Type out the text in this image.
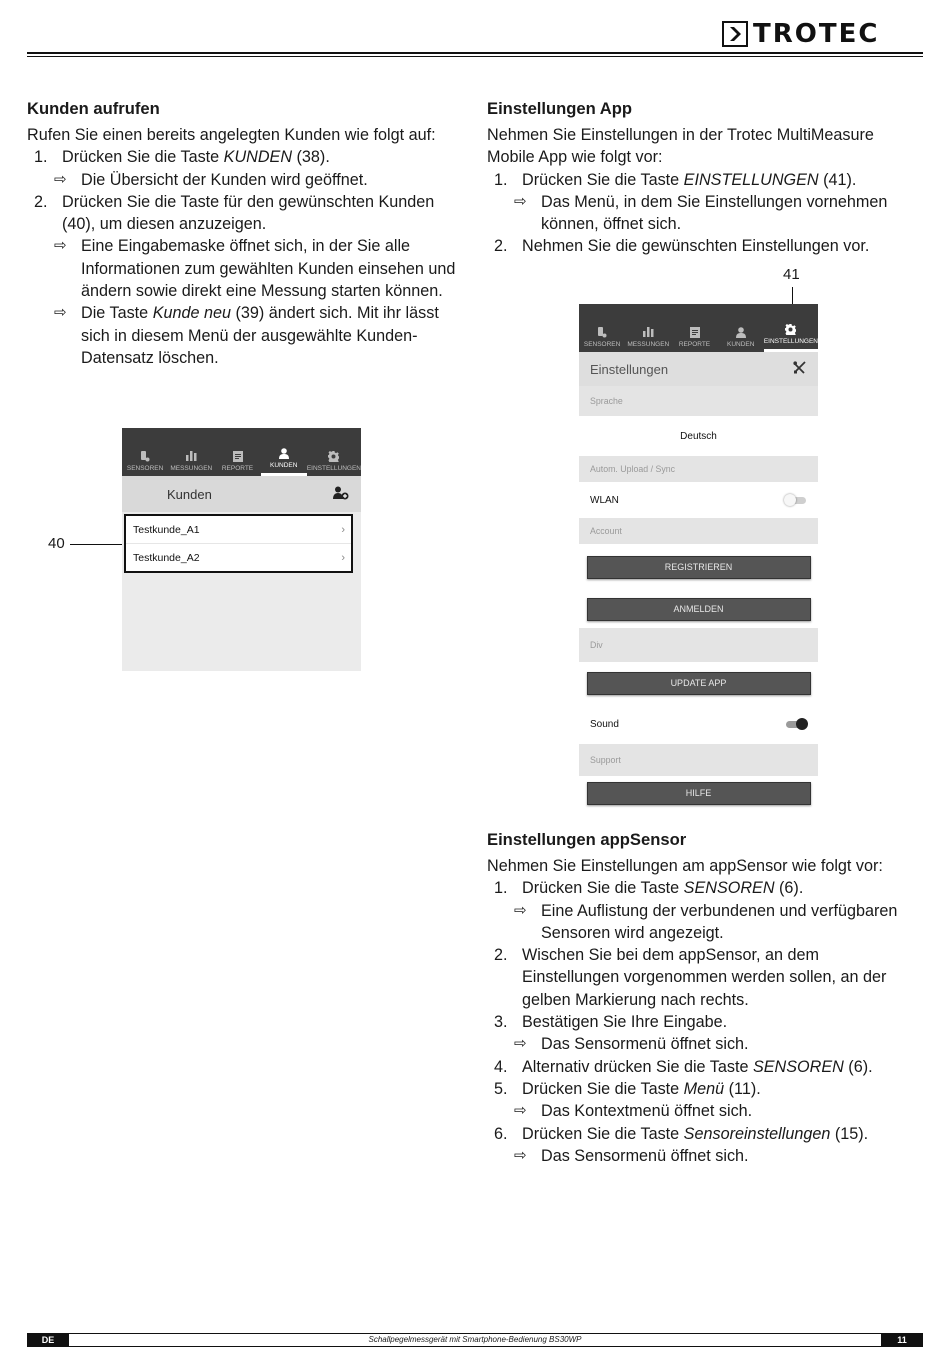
TROTEC
Kunden aufrufen

Rufen Sie einen bereits angelegten Kunden wie folgt auf:

1. Drücken Sie die Taste KUNDEN (38).
⇨ Die Übersicht der Kunden wird geöffnet.
2. Drücken Sie die Taste für den gewünschten Kunden (40), um diesen anzuzeigen.
⇨ Eine Eingabemaske öffnet sich, in der Sie alle Informationen zum gewählten Kunden einsehen und ändern sowie direkt eine Messung starten können.
⇨ Die Taste Kunde neu (39) ändert sich. Mit ihr lässt sich in diesem Menü der ausgewählte Kunden-Datensatz löschen.
40
SENSOREN MESSUNGEN REPORTE	KUNDEN EINSTELLUNGEN
Kunden
Testkunde_A1	›
Testkunde_A2	›
Einstellungen App

Nehmen Sie Einstellungen in der Trotec MultiMeasure Mobile App wie folgt vor:

1. Drücken Sie die Taste EINSTELLUNGEN (41).
⇨ Das Menü, in dem Sie Einstellungen vornehmen können, öffnet sich.
2. Nehmen Sie die gewünschten Einstellungen vor.
41
SENSOREN MESSUNGEN REPORTE	KUNDEN EINSTELLUNGEN
Einstellungen
Sprache
Deutsch
Autom. Upload / Sync
WLAN
Account
REGISTRIEREN
ANMELDEN
Div
UPDATE APP
Sound
Support
HILFE
Einstellungen appSensor

Nehmen Sie Einstellungen am appSensor wie folgt vor:

1. Drücken Sie die Taste SENSOREN (6).
⇨ Eine Auflistung der verbundenen und verfügbaren Sensoren wird angezeigt.
2. Wischen Sie bei dem appSensor, an dem Einstellungen vorgenommen werden sollen, an der gelben Markierung nach rechts.
3. Bestätigen Sie Ihre Eingabe.
⇨ Das Sensormenü öffnet sich.
4. Alternativ drücken Sie die Taste SENSOREN (6).
5. Drücken Sie die Taste Menü (11).
⇨ Das Kontextmenü öffnet sich.
6. Drücken Sie die Taste Sensoreinstellungen (15).
⇨ Das Sensormenü öffnet sich.
Schallpegelmessgerät mit Smartphone-Bedienung BS30WP
DE	11
